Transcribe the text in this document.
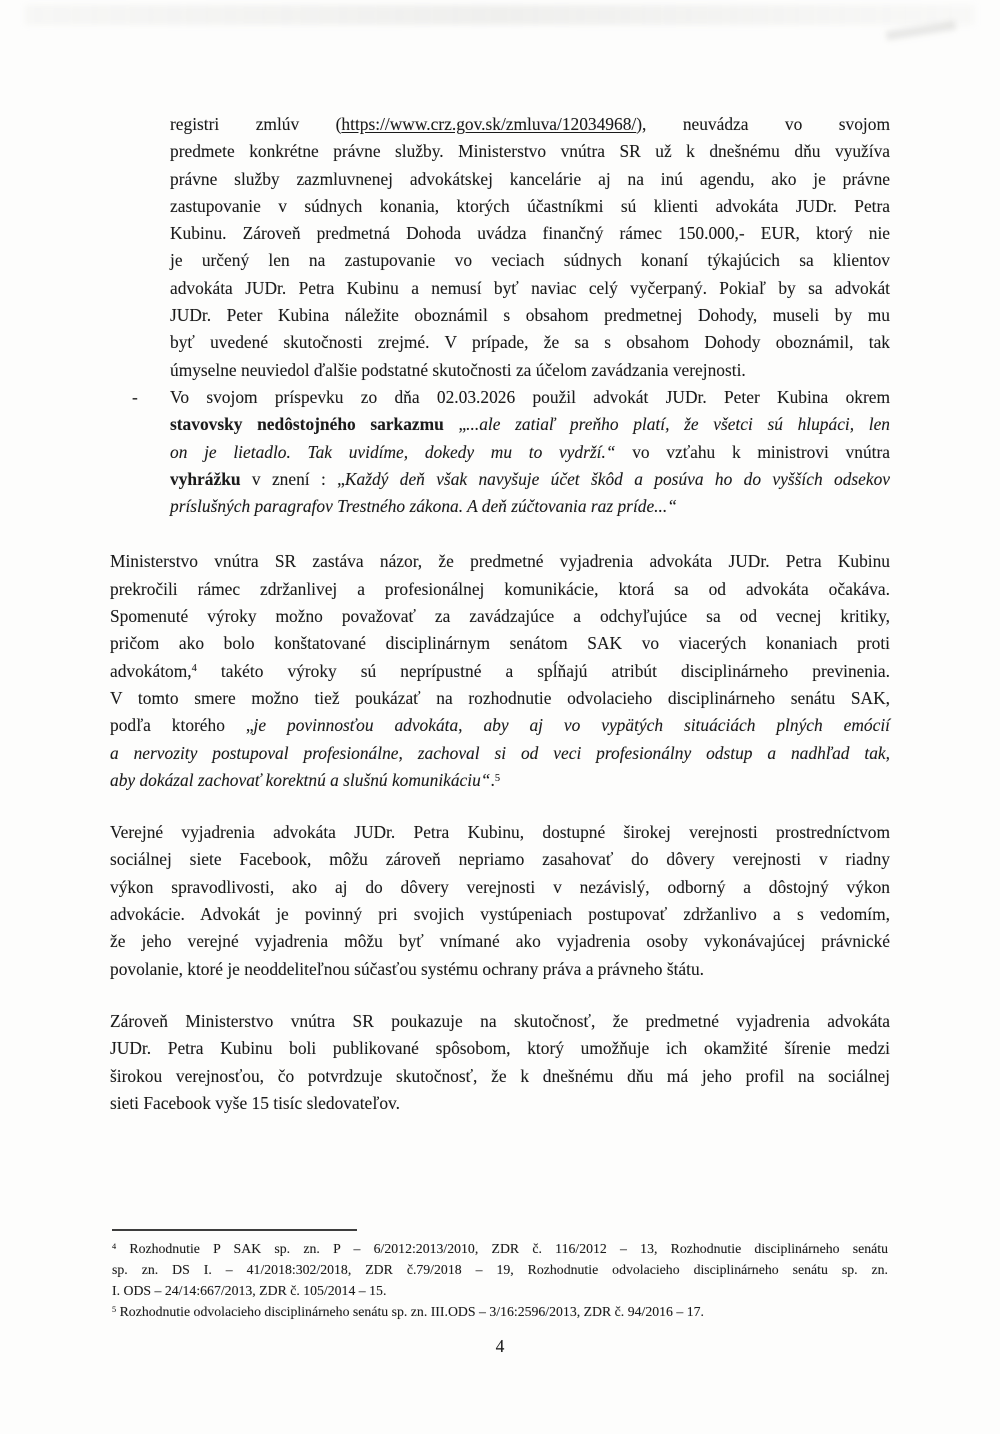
registri zmlúv (https://www.crz.gov.sk/zmluva/12034968/), neuvádza vo svojom
predmete konkrétne právne služby. Ministerstvo vnútra SR už k dnešnému dňu využíva
právne služby zazmluvnenej advokátskej kancelárie aj na inú agendu, ako je právne
zastupovanie v súdnych konania, ktorých účastníkmi sú klienti advokáta JUDr. Petra
Kubinu. Zároveň predmetná Dohoda uvádza finančný rámec 150.000,- EUR, ktorý nie
je určený len na zastupovanie vo veciach súdnych konaní týkajúcich sa klientov
advokáta JUDr. Petra Kubinu a nemusí byť naviac celý vyčerpaný. Pokiaľ by sa advokát
JUDr. Peter Kubina náležite oboznámil s obsahom predmetnej Dohody, museli by mu
byť uvedené skutočnosti zrejmé. V prípade, že sa s obsahom Dohody oboznámil, tak
úmyselne neuviedol ďalšie podstatné skutočnosti za účelom zavádzania verejnosti.
- Vo svojom príspevku zo dňa 02.03.2026 použil advokát JUDr. Peter Kubina okrem
stavovsky nedôstojného sarkazmu „...ale zatiaľ preňho platí, že všetci sú hlupáci, len
on je lietadlo. Tak uvidíme, dokedy mu to vydrží.“ vo vzťahu k ministrovi vnútra
vyhrážku v znení : „Každý deň však navyšuje účet škôd a posúva ho do vyšších odsekov
príslušných paragrafov Trestného zákona. A deň zúčtovania raz príde...“
Ministerstvo vnútra SR zastáva názor, že predmetné vyjadrenia advokáta JUDr. Petra Kubinu
prekročili rámec zdržanlivej a profesionálnej komunikácie, ktorá sa od advokáta očakáva.
Spomenuté výroky možno považovať za zavádzajúce a odchyľujúce sa od vecnej kritiky,
pričom ako bolo konštatované disciplinárnym senátom SAK vo viacerých konaniach proti
advokátom,$^4$ takéto výroky sú neprípustné a spĺňajú atribút disciplinárneho previnenia.
V tomto smere možno tiež poukázať na rozhodnutie odvolacieho disciplinárneho senátu SAK,
podľa ktorého „je povinnosťou advokáta, aby aj vo vypätých situáciách plných emócií
a nervozity postupoval profesionálne, zachoval si od veci profesionálny odstup a nadhľad tak,
aby dokázal zachovať korektnú a slušnú komunikáciu“.$^5$
Verejné vyjadrenia advokáta JUDr. Petra Kubinu, dostupné širokej verejnosti prostredníctvom
sociálnej siete Facebook, môžu zároveň nepriamo zasahovať do dôvery verejnosti v riadny
výkon spravodlivosti, ako aj do dôvery verejnosti v nezávislý, odborný a dôstojný výkon
advokácie. Advokát je povinný pri svojich vystúpeniach postupovať zdržanlivo a s vedomím,
že jeho verejné vyjadrenia môžu byť vnímané ako vyjadrenia osoby vykonávajúcej právnické
povolanie, ktoré je neoddeliteľnou súčasťou systému ochrany práva a právneho štátu.
Zároveň Ministerstvo vnútra SR poukazuje na skutočnosť, že predmetné vyjadrenia advokáta
JUDr. Petra Kubinu boli publikované spôsobom, ktorý umožňuje ich okamžité šírenie medzi
širokou verejnosťou, čo potvrdzuje skutočnosť, že k dnešnému dňu má jeho profil na sociálnej
sieti Facebook vyše 15 tisíc sledovateľov.
$^4$ Rozhodnutie P SAK sp. zn. P – 6/2012:2013/2010, ZDR č. 116/2012 – 13, Rozhodnutie disciplinárneho senátu
sp. zn. DS I. – 41/2018:302/2018, ZDR č.79/2018 – 19, Rozhodnutie odvolacieho disciplinárneho senátu sp. zn.
I. ODS – 24/14:667/2013, ZDR č. 105/2014 – 15.
$^5$ Rozhodnutie odvolacieho disciplinárneho senátu sp. zn. III.ODS – 3/16:2596/2013, ZDR č. 94/2016 – 17.
4
